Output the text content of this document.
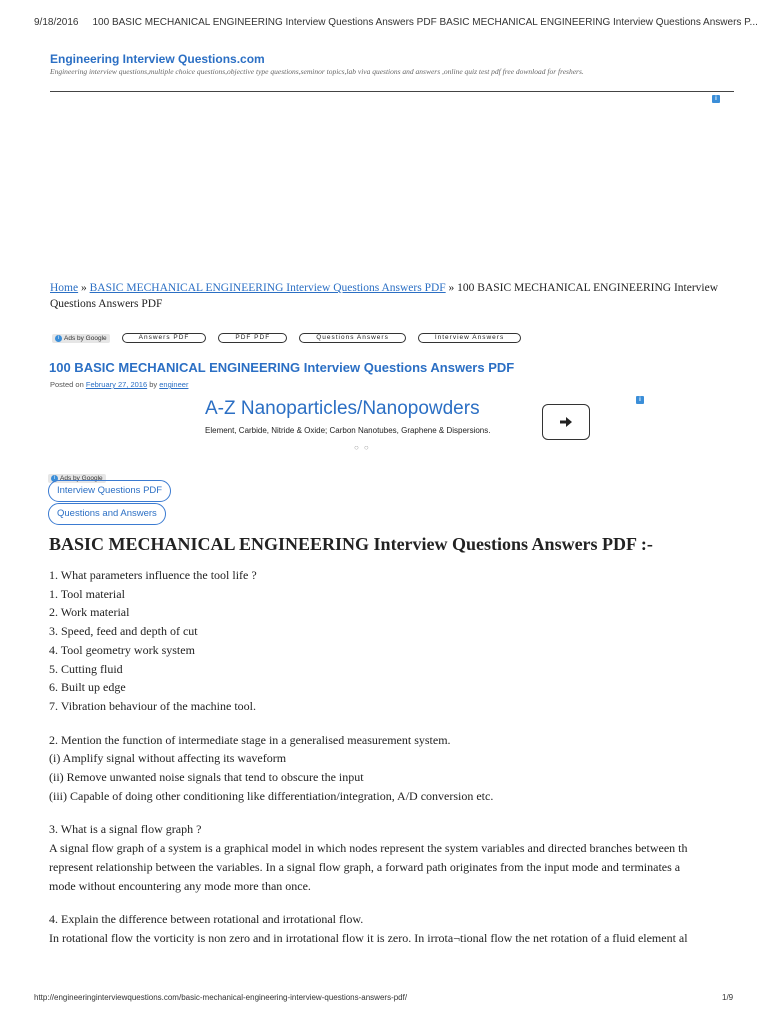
9/18/2016 100 BASIC MECHANICAL ENGINEERING Interview Questions Answers PDF BASIC MECHANICAL ENGINEERING Interview Questions Answers P...
Engineering Interview Questions.com
Engineering interview questions,multiple choice questions,objective type questions,seminor topics,lab viva questions and answers ,online quiz test pdf free download for freshers.
i
Home » BASIC MECHANICAL ENGINEERING Interview Questions Answers PDF » 100 BASIC MECHANICAL ENGINEERING Interview Questions Answers PDF
i Ads by Google	Answers PDF	PDF PDF	Questions Answers	Interview Answers
100 BASIC MECHANICAL ENGINEERING Interview Questions Answers PDF
Posted on February 27, 2016 by engineer
A-Z Nanoparticles/Nanopowders
Element, Carbide, Nitride & Oxide; Carbon Nanotubes, Graphene & Dispersions.
○○
i
i Ads by Google
Interview Questions PDF
Questions and Answers
BASIC MECHANICAL ENGINEERING Interview Questions Answers PDF :-

1. What parameters influence the tool life ?

1. Tool material

2. Work material

3. Speed, feed and depth of cut

4. Tool geometry work system

5. Cutting fluid

6. Built up edge

7. Vibration behaviour of the machine tool.

2. Mention the function of intermediate stage in a generalised measurement system.

(i) Amplify signal without affecting its waveform

(ii) Remove unwanted noise signals that tend to obscure the input

(iii) Capable of doing other conditioning like differentiation/integration, A/D conversion etc.

3. What is a signal flow graph ?

A signal flow graph of a system is a graphical model in which nodes represent the system variables and directed branches between th

represent relationship between the variables. In a signal flow graph, a forward path originates from the input mode and terminates a

mode without encountering any mode more than once.

4. Explain the difference between rotational and irrotational flow.

In rotational flow the vorticity is non zero and in irrotational flow it is zero. In irrota¬tional flow the net rotation of a fluid element al

http://engineeringinterviewquestions.com/basic-mechanical-engineering-interview-questions-answers-pdf/	1/9
